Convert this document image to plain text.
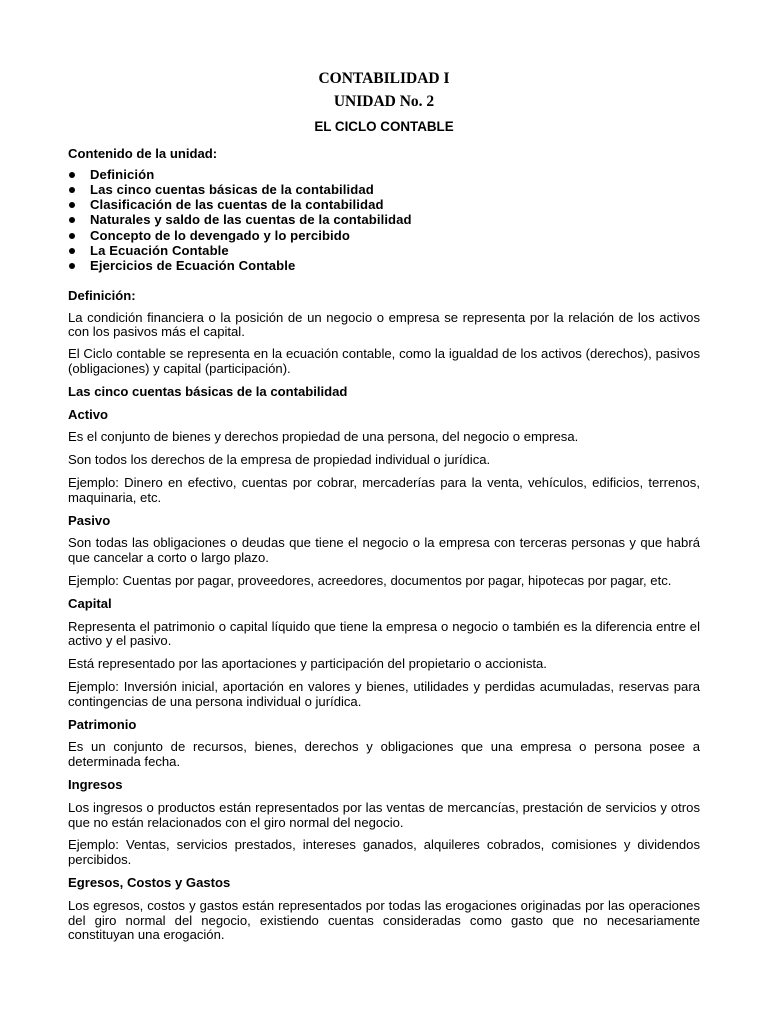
CONTABILIDAD I

UNIDAD No. 2

EL CICLO CONTABLE

Contenido de la unidad:

Definición
Las cinco cuentas básicas de la contabilidad
Clasificación de las cuentas de la contabilidad
Naturales y saldo de las cuentas de la contabilidad
Concepto de lo devengado y lo percibido
La Ecuación Contable
Ejercicios de Ecuación Contable

Definición:

La condición financiera o la posición de un negocio o empresa se representa por la relación de los activos con los pasivos más el capital.

El Ciclo contable se representa en la ecuación contable, como la igualdad de los activos (derechos), pasivos (obligaciones) y capital (participación).

Las cinco cuentas básicas de la contabilidad

Activo

Es el conjunto de bienes y derechos propiedad de una persona, del negocio o empresa.

Son todos los derechos de la empresa de propiedad individual o jurídica.

Ejemplo: Dinero en efectivo, cuentas por cobrar, mercaderías para la venta, vehículos, edificios, terrenos, maquinaria, etc.

Pasivo

Son todas las obligaciones o deudas que tiene el negocio o la empresa con terceras personas y que habrá que cancelar a corto o largo plazo.

Ejemplo: Cuentas por pagar, proveedores, acreedores, documentos por pagar, hipotecas por pagar, etc.

Capital

Representa el patrimonio o capital líquido que tiene la empresa o negocio o también es la diferencia entre el activo y el pasivo.

Está representado por las aportaciones y participación del propietario o accionista.

Ejemplo: Inversión inicial, aportación en valores y bienes, utilidades y perdidas acumuladas, reservas para contingencias de una persona individual o jurídica.

Patrimonio

Es un conjunto de recursos, bienes, derechos y obligaciones que una empresa o persona posee a determinada fecha.

Ingresos

Los ingresos o productos están representados por las ventas de mercancías, prestación de servicios y otros que no están relacionados con el giro normal del negocio.

Ejemplo: Ventas, servicios prestados, intereses ganados, alquileres cobrados, comisiones y dividendos percibidos.

Egresos, Costos y Gastos

Los egresos, costos y gastos están representados por todas las erogaciones originadas por las operaciones del giro normal del negocio, existiendo cuentas consideradas como gasto que no necesariamente constituyan una erogación.
